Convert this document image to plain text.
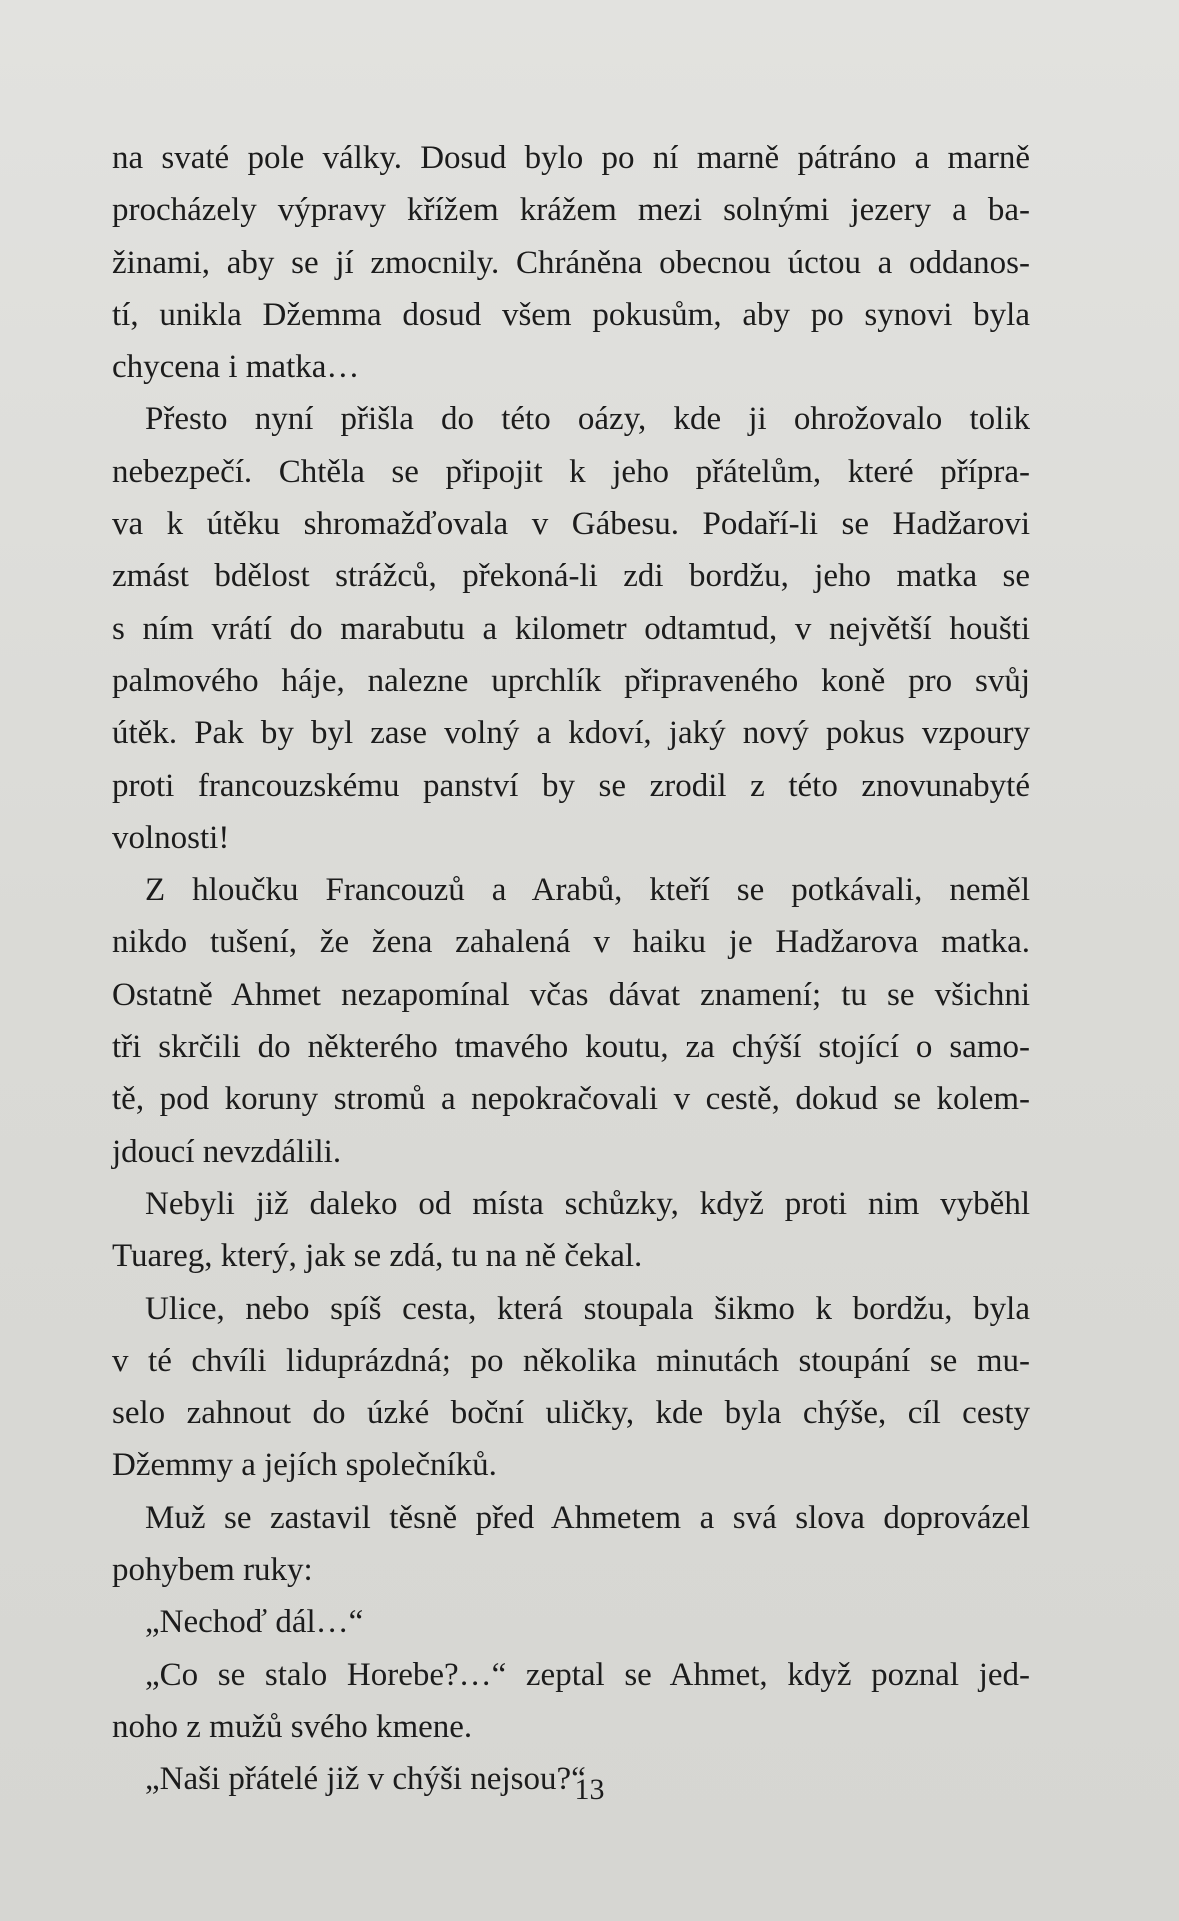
na svaté pole války. Dosud bylo po ní marně pátráno a marně
procházely výpravy křížem krážem mezi solnými jezery a ba-
žinami, aby se jí zmocnily. Chráněna obecnou úctou a oddanos-
tí, unikla Džemma dosud všem pokusům, aby po synovi byla
chycena i matka…
Přesto nyní přišla do této oázy, kde ji ohrožovalo tolik
nebezpečí. Chtěla se připojit k jeho přátelům, které přípra-
va k útěku shromažďovala v Gábesu. Podaří-li se Hadžarovi
zmást bdělost strážců, překoná-li zdi bordžu, jeho matka se
s ním vrátí do marabutu a kilometr odtamtud, v největší houšti
palmového háje, nalezne uprchlík připraveného koně pro svůj
útěk. Pak by byl zase volný a kdoví, jaký nový pokus vzpoury
proti francouzskému panství by se zrodil z této znovunabyté
volnosti!
Z hloučku Francouzů a Arabů, kteří se potkávali, neměl
nikdo tušení, že žena zahalená v haiku je Hadžarova matka.
Ostatně Ahmet nezapomínal včas dávat znamení; tu se všichni
tři skrčili do některého tmavého koutu, za chýší stojící o samo-
tě, pod koruny stromů a nepokračovali v cestě, dokud se kolem-
jdoucí nevzdálili.
Nebyli již daleko od místa schůzky, když proti nim vyběhl
Tuareg, který, jak se zdá, tu na ně čekal.
Ulice, nebo spíš cesta, která stoupala šikmo k bordžu, byla
v té chvíli liduprázdná; po několika minutách stoupání se mu-
selo zahnout do úzké boční uličky, kde byla chýše, cíl cesty
Džemmy a jejích společníků.
Muž se zastavil těsně před Ahmetem a svá slova doprovázel
pohybem ruky:
„Nechoď dál…“
„Co se stalo Horebe?…“ zeptal se Ahmet, když poznal jed-
noho z mužů svého kmene.
„Naši přátelé již v chýši nejsou?“
13
